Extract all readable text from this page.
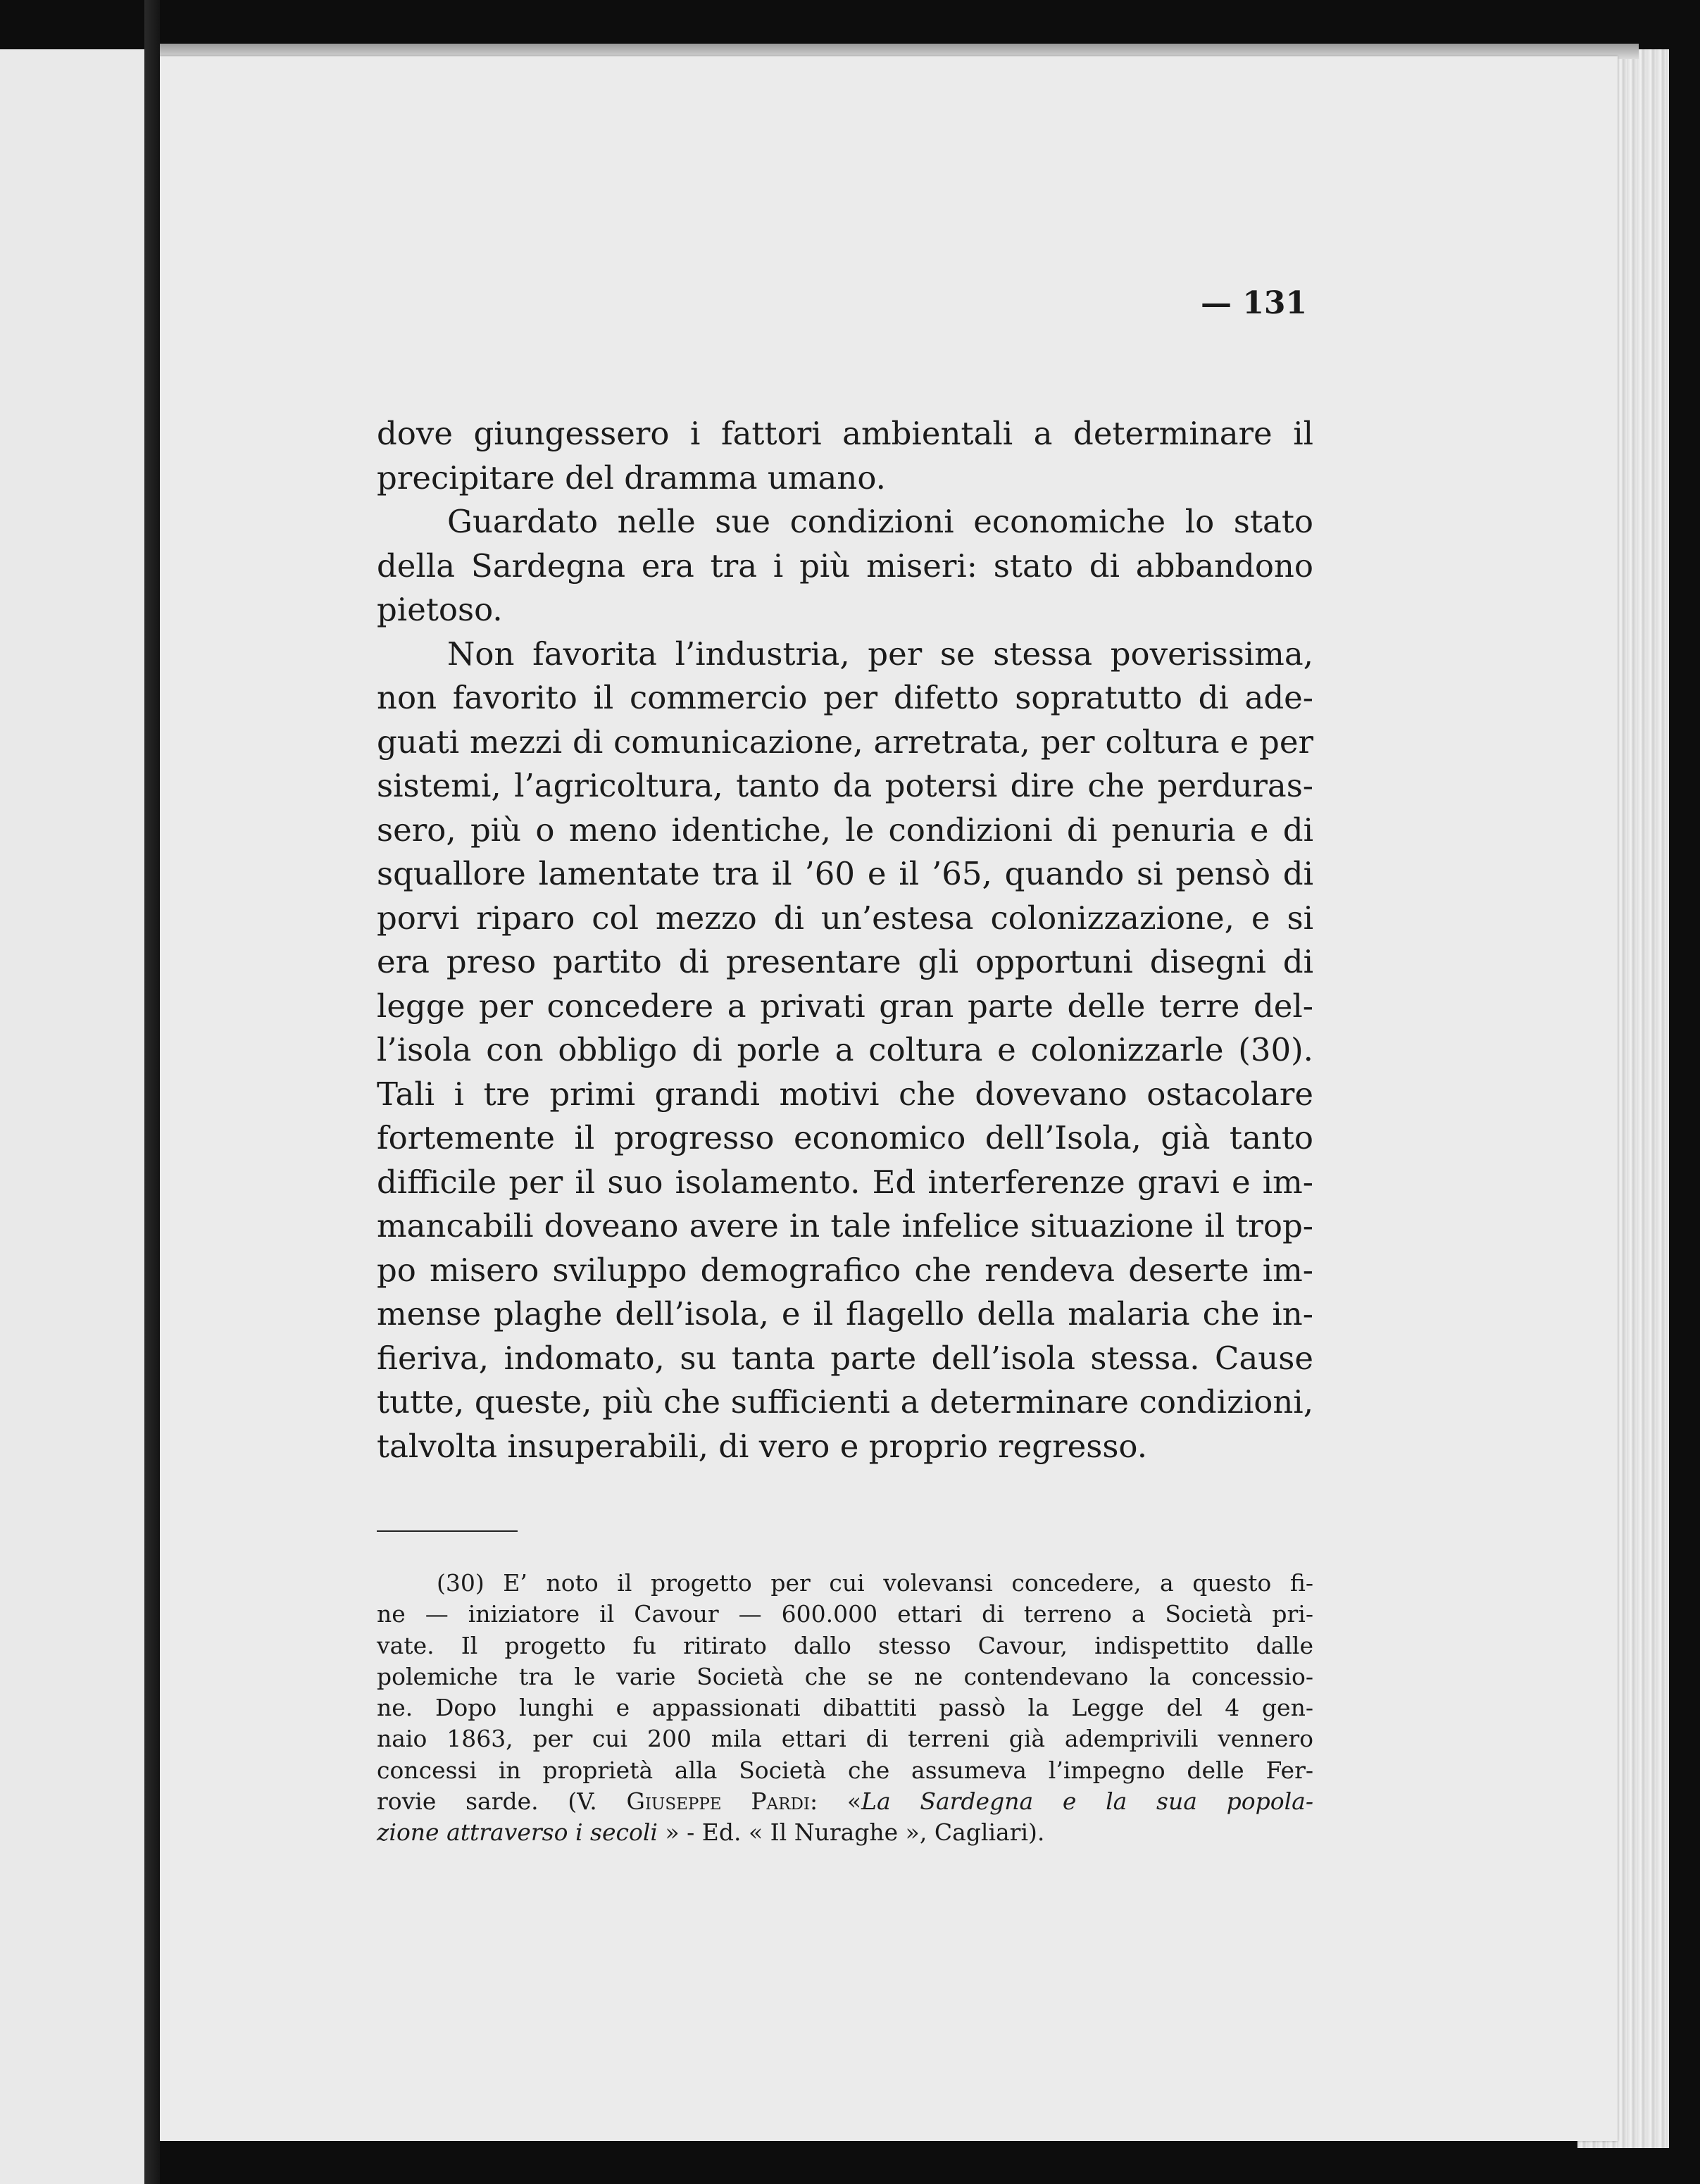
— 131
dove giungessero i fattori ambientali a determinare il
precipitare del dramma umano.
Guardato nelle sue condizioni economiche lo stato
della Sardegna era tra i più miseri: stato di abbandono
pietoso.
Non favorita l’industria, per se stessa poverissima,
non favorito il commercio per difetto sopratutto di ade-
guati mezzi di comunicazione, arretrata, per coltura e per
sistemi, l’agricoltura, tanto da potersi dire che perduras-
sero, più o meno identiche, le condizioni di penuria e di
squallore lamentate tra il ’60 e il ’65, quando si pensò di
porvi riparo col mezzo di un’estesa colonizzazione, e si
era preso partito di presentare gli opportuni disegni di
legge per concedere a privati gran parte delle terre del-
l’isola con obbligo di porle a coltura e colonizzarle (30).
Tali i tre primi grandi motivi che dovevano ostacolare
fortemente il progresso economico dell’Isola, già tanto
difficile per il suo isolamento. Ed interferenze gravi e im-
mancabili doveano avere in tale infelice situazione il trop-
po misero sviluppo demografico che rendeva deserte im-
mense plaghe dell’isola, e il flagello della malaria che in-
fieriva, indomato, su tanta parte dell’isola stessa. Cause
tutte, queste, più che sufficienti a determinare condizioni,
talvolta insuperabili, di vero e proprio regresso.
(30) E’ noto il progetto per cui volevansi concedere, a questo fi-
ne — iniziatore il Cavour — 600.000 ettari di terreno a Società pri-
vate. Il progetto fu ritirato dallo stesso Cavour, indispettito dalle
polemiche tra le varie Società che se ne contendevano la concessio-
ne. Dopo lunghi e appassionati dibattiti passò la Legge del 4 gen-
naio 1863, per cui 200 mila ettari di terreni già ademprivili vennero
concessi in proprietà alla Società che assumeva l’impegno delle Fer-
rovie sarde. (V. Giuseppe Pardi: «La Sardegna e la sua popola-
zione attraverso i secoli » - Ed. « Il Nuraghe », Cagliari).
